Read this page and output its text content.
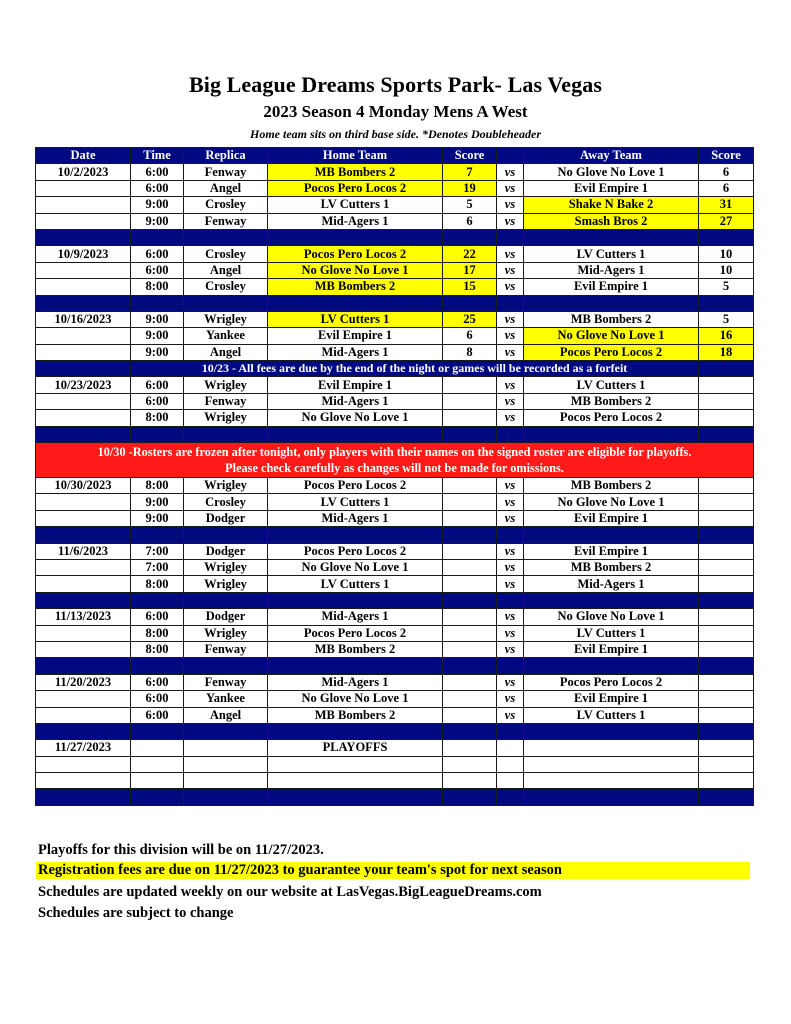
Big League Dreams Sports Park- Las Vegas
2023 Season 4 Monday Mens A West
Home team sits on third base side. *Denotes Doubleheader
Date	Time	Replica	Home Team	Score		Away Team	Score
10/2/2023	6:00	Fenway	MB Bombers 2	7	vs	No Glove No Love 1	6
	6:00	Angel	Pocos Pero Locos 2	19	vs	Evil Empire 1	6
	9:00	Crosley	LV Cutters 1	5	vs	Shake N Bake 2	31
	9:00	Fenway	Mid-Agers 1	6	vs	Smash Bros 2	27

10/9/2023	6:00	Crosley	Pocos Pero Locos 2	22	vs	LV Cutters 1	10
	6:00	Angel	No Glove No Love 1	17	vs	Mid-Agers 1	10
	8:00	Crosley	MB Bombers 2	15	vs	Evil Empire 1	5

10/16/2023	9:00	Wrigley	LV Cutters 1	25	vs	MB Bombers 2	5
	9:00	Yankee	Evil Empire 1	6	vs	No Glove No Love 1	16
	9:00	Angel	Mid-Agers 1	8	vs	Pocos Pero Locos 2	18
	10/23 - All fees are due by the end of the night or games will be recorded as a forfeit						
10/23/2023	6:00	Wrigley	Evil Empire 1		vs	LV Cutters 1	
	6:00	Fenway	Mid-Agers 1		vs	MB Bombers 2	
	8:00	Wrigley	No Glove No Love 1		vs	Pocos Pero Locos 2	

10/30 -Rosters are frozen after tonight, only players with their names on the signed roster are eligible for playoffs.
Please check carefully as changes will not be made for omissions.							

10/30/2023	8:00	Wrigley	Pocos Pero Locos 2		vs	MB Bombers 2	
	9:00	Crosley	LV Cutters 1		vs	No Glove No Love 1	
	9:00	Dodger	Mid-Agers 1		vs	Evil Empire 1	

11/6/2023	7:00	Dodger	Pocos Pero Locos 2		vs	Evil Empire 1	
	7:00	Wrigley	No Glove No Love 1		vs	MB Bombers 2	
	8:00	Wrigley	LV Cutters 1		vs	Mid-Agers 1	

11/13/2023	6:00	Dodger	Mid-Agers 1		vs	No Glove No Love 1	
	8:00	Wrigley	Pocos Pero Locos 2		vs	LV Cutters 1	
	8:00	Fenway	MB Bombers 2		vs	Evil Empire 1	

11/20/2023	6:00	Fenway	Mid-Agers 1		vs	Pocos Pero Locos 2	
	6:00	Yankee	No Glove No Love 1		vs	Evil Empire 1	
	6:00	Angel	MB Bombers 2		vs	LV Cutters 1	

11/27/2023			PLAYOFFS				

Playoffs for this division will be on 11/27/2023.
Registration fees are due on 11/27/2023 to guarantee your team's spot for next season
Schedules are updated weekly on our website at LasVegas.BigLeagueDreams.com
Schedules are subject to change
